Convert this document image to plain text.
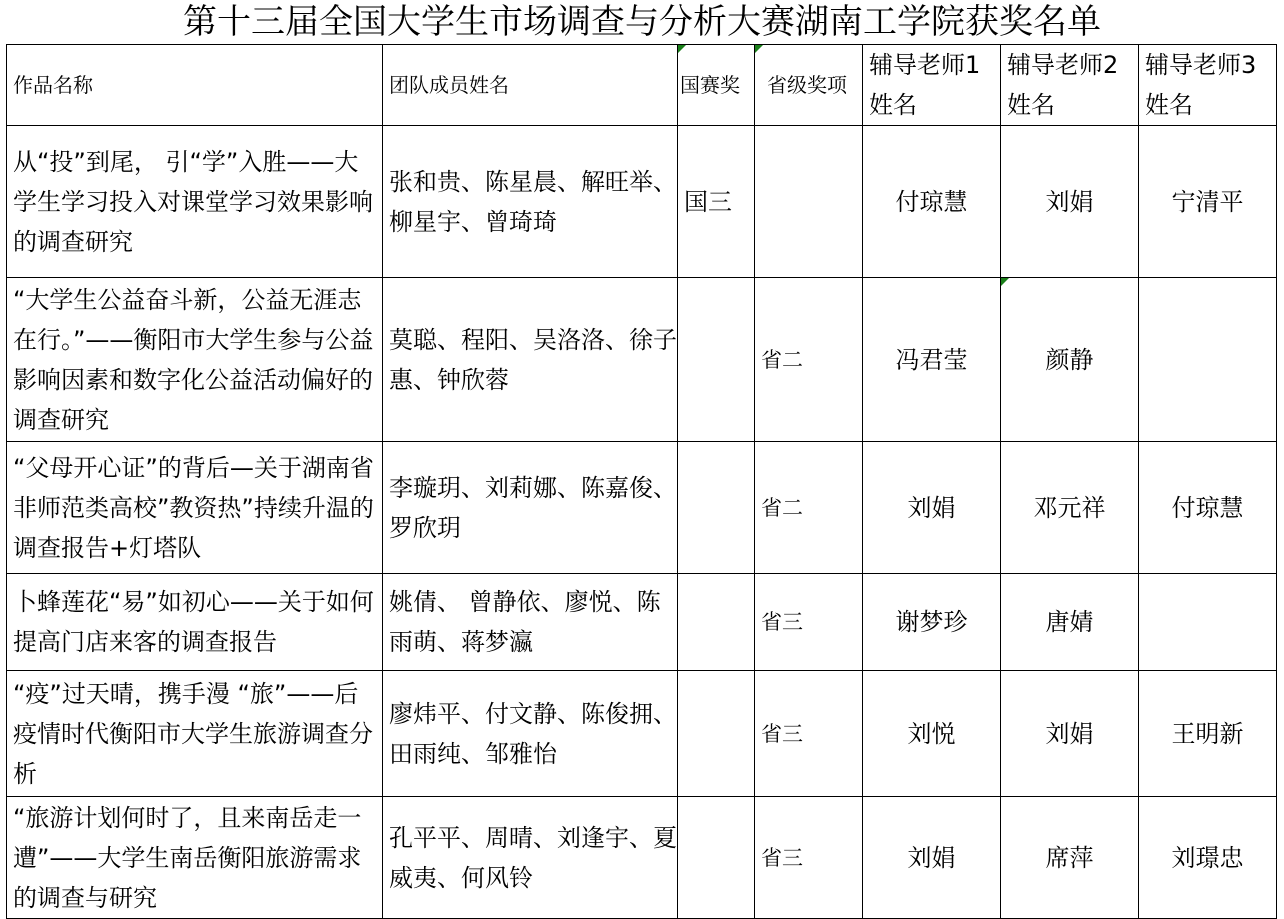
第十三届全国大学生市场调查与分析大赛湖南工学院获奖名单
作品名称	团队成员姓名	国赛奖	省级奖项	辅导老师1姓名	辅导老师2姓名	辅导老师3姓名
从“投”到尾， 引“学”入胜——大学生学习投入对课堂学习效果影响的调查研究	张和贵、陈星晨、解旺举、柳星宇、曾琦琦	国三		付琼慧	刘娟	宁清平
“大学生公益奋斗新，公益无涯志在行。”——衡阳市大学生参与公益影响因素和数字化公益活动偏好的调查研究	莫聪、程阳、吴洛洛、徐子惠、钟欣蓉		省二	冯君莹	颜静	
“父母开心证”的背后—关于湖南省非师范类高校”教资热”持续升温的调查报告+灯塔队	李璇玥、刘莉娜、陈嘉俊、罗欣玥		省二	刘娟	邓元祥	付琼慧
卜蜂莲花“易”如初心——关于如何提高门店来客的调查报告	姚倩、 曾静依、廖悦、陈雨萌、蒋梦瀛		省三	谢梦珍	唐婧	
“疫”过天晴，携手漫 “旅”——后疫情时代衡阳市大学生旅游调查分析	廖炜平、付文静、陈俊拥、田雨纯、邹雅怡		省三	刘悦	刘娟	王明新
“旅游计划何时了，且来南岳走一遭”——大学生南岳衡阳旅游需求的调查与研究	孔平平、周晴、刘逢宇、夏威夷、何风铃		省三	刘娟	席萍	刘璟忠
